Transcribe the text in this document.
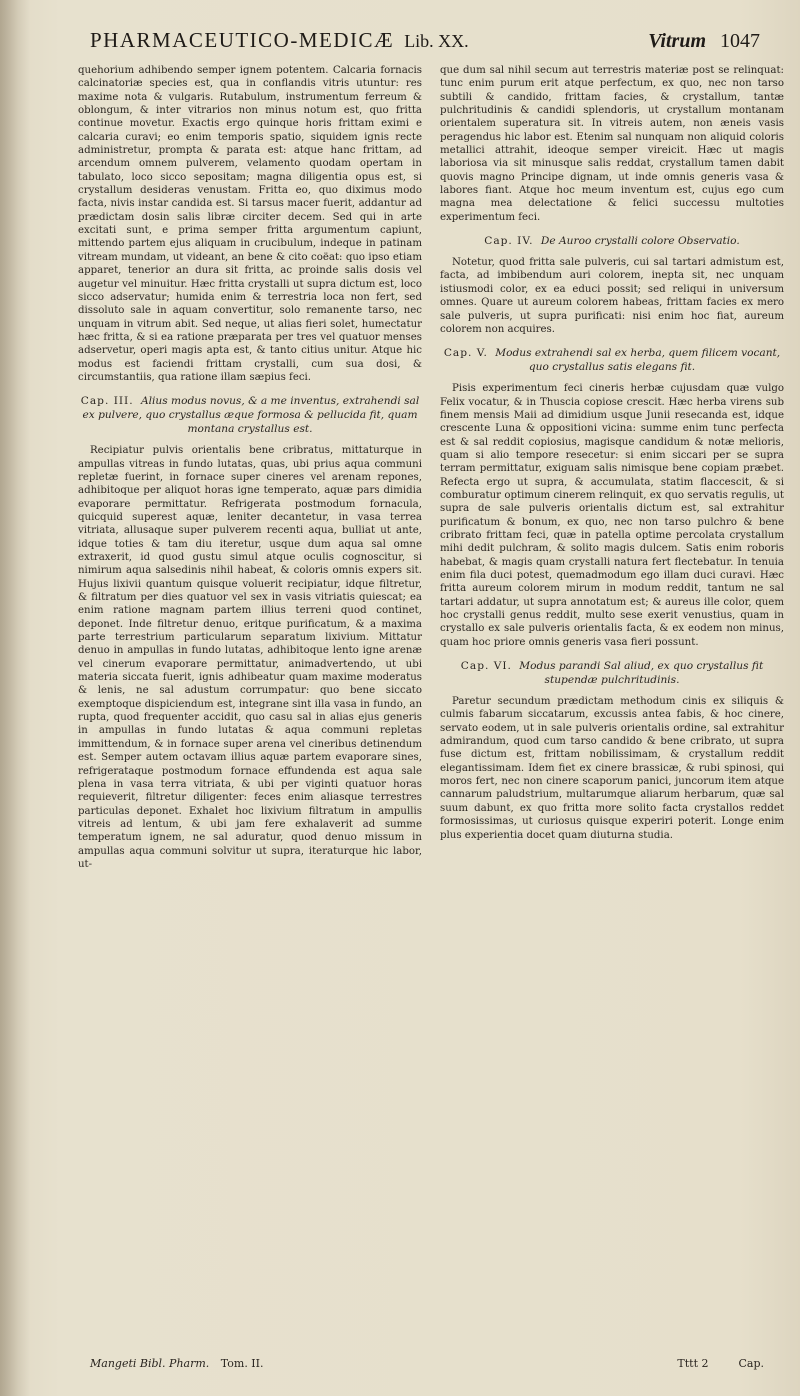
PHARMACEUTICO-MEDICÆ Lib. XX.	Vitrum 1047

quehorium adhibendo semper ignem potentem. Calcaria fornacis calcinatoriæ species est, qua in conflandis vitris utuntur: res maxime nota & vulgaris. Rutabulum, instrumentum ferreum & oblongum, & inter vitrarios non minus notum est, quo fritta continue movetur. Exactis ergo quinque horis frittam eximi e calcaria curavi; eo enim temporis spatio, siquidem ignis recte administretur, prompta & parata est: atque hanc frittam, ad arcendum omnem pulverem, velamento quodam opertam in tabulato, loco sicco sepositam; magna diligentia opus est, si crystallum desideras venustam. Fritta eo, quo diximus modo facta, nivis instar candida est. Si tarsus macer fuerit, addantur ad prædictam dosin salis libræ circiter decem. Sed qui in arte excitati sunt, e prima semper fritta argumentum capiunt, mittendo partem ejus aliquam in crucibulum, indeque in patinam vitream mundam, ut videant, an bene & cito coëat: quo ipso etiam apparet, tenerior an dura sit fritta, ac proinde salis dosis vel augetur vel minuitur. Hæc fritta crystalli ut supra dictum est, loco sicco adservatur; humida enim & terrestria loca non fert, sed dissoluto sale in aquam convertitur, solo remanente tarso, nec unquam in vitrum abit. Sed neque, ut alias fieri solet, humectatur hæc fritta, & si ea ratione præparata per tres vel quatuor menses adservetur, operi magis apta est, & tanto citius unitur. Atque hic modus est faciendi frittam crystalli, cum sua dosi, & circumstantiis, qua ratione illam sæpius feci.

Cap. III. Alius modus novus, & a me inventus, extrahendi sal ex pulvere, quo crystallus æque formosa & pellucida fit, quam montana crystallus est.

Recipiatur pulvis orientalis bene cribratus, mittaturque in ampullas vitreas in fundo lutatas, quas, ubi prius aqua communi repletæ fuerint, in fornace super cineres vel arenam repones, adhibitoque per aliquot horas igne temperato, aquæ pars dimidia evaporare permittatur. Refrigerata postmodum fornacula, quicquid superest aquæ, leniter decantetur, in vasa terrea vitriata, allusaque super pulverem recenti aqua, bulliat ut ante, idque toties & tam diu iteretur, usque dum aqua sal omne extraxerit, id quod gustu simul atque oculis cognoscitur, si nimirum aqua salsedinis nihil habeat, & coloris omnis expers sit. Hujus lixivii quantum quisque voluerit recipiatur, idque filtretur, & filtratum per dies quatuor vel sex in vasis vitriatis quiescat; ea enim ratione magnam partem illius terreni quod continet, deponet. Inde filtretur denuo, eritque purificatum, & a maxima parte terrestrium particularum separatum lixivium. Mittatur denuo in ampullas in fundo lutatas, adhibitoque lento igne arenæ vel cinerum evaporare permittatur, animadvertendo, ut ubi materia siccata fuerit, ignis adhibeatur quam maxime moderatus & lenis, ne sal adustum corrumpatur: quo bene siccato exemptoque dispiciendum est, integrane sint illa vasa in fundo, an rupta, quod frequenter accidit, quo casu sal in alias ejus generis in ampullas in fundo lutatas & aqua communi repletas immittendum, & in fornace super arena vel cineribus detinendum est. Semper autem octavam illius aquæ partem evaporare sines, refrigerataque postmodum fornace effundenda est aqua sale plena in vasa terra vitriata, & ubi per viginti quatuor horas requieverit, filtretur diligenter: feces enim aliasque terrestres particulas deponet. Exhalet hoc lixivium filtratum in ampullis vitreis ad lentum, & ubi jam fere exhalaverit ad summe temperatum ignem, ne sal aduratur, quod denuo missum in ampullas aqua communi solvitur ut supra, iteraturque hic labor, ut-

que dum sal nihil secum aut terrestris materiæ post se relinquat: tunc enim purum erit atque perfectum, ex quo, nec non tarso subtili & candido, frittam facies, & crystallum, tantæ pulchritudinis & candidi splendoris, ut crystallum montanam orientalem superatura sit. In vitreis autem, non æneis vasis peragendus hic labor est. Etenim sal nunquam non aliquid coloris metallici attrahit, ideoque semper vireicit. Hæc ut magis laboriosa via sit minusque salis reddat, crystallum tamen dabit quovis magno Principe dignam, ut inde omnis generis vasa & labores fiant. Atque hoc meum inventum est, cujus ego cum magna mea delectatione & felici successu multoties experimentum feci.

Cap. IV. De Auroo crystalli colore Observatio.

Notetur, quod fritta sale pulveris, cui sal tartari admistum est, facta, ad imbibendum auri colorem, inepta sit, nec unquam istiusmodi color, ex ea educi possit; sed reliqui in universum omnes. Quare ut aureum colorem habeas, frittam facies ex mero sale pulveris, ut supra purificati: nisi enim hoc fiat, aureum colorem non acquires.

Cap. V. Modus extrahendi sal ex herba, quem filicem vocant, quo crystallus satis elegans fit.

Pisis experimentum feci cineris herbæ cujusdam quæ vulgo Felix vocatur, & in Thuscia copiose crescit. Hæc herba virens sub finem mensis Maii ad dimidium usque Junii resecanda est, idque crescente Luna & oppositioni vicina: summe enim tunc perfecta est & sal reddit copiosius, magisque candidum & notæ melioris, quam si alio tempore resecetur: si enim siccari per se supra terram permittatur, exiguam salis nimisque bene copiam præbet. Refecta ergo ut supra, & accumulata, statim flaccescit, & si comburatur optimum cinerem relinquit, ex quo servatis regulis, ut supra de sale pulveris orientalis dictum est, sal extrahitur purificatum & bonum, ex quo, nec non tarso pulchro & bene cribrato frittam feci, quæ in patella optime percolata crystallum mihi dedit pulchram, & solito magis dulcem. Satis enim roboris habebat, & magis quam crystalli natura fert flectebatur. In tenuia enim fila duci potest, quemadmodum ego illam duci curavi. Hæc fritta aureum colorem mirum in modum reddit, tantum ne sal tartari addatur, ut supra annotatum est; & aureus ille color, quem hoc crystalli genus reddit, multo sese exerit venustius, quam in crystallo ex sale pulveris orientalis facta, & ex eodem non minus, quam hoc priore omnis generis vasa fieri possunt.

Cap. VI. Modus parandi Sal aliud, ex quo crystallus fit stupendæ pulchritudinis.

Paretur secundum prædictam methodum cinis ex siliquis & culmis fabarum siccatarum, excussis antea fabis, & hoc cinere, servato eodem, ut in sale pulveris orientalis ordine, sal extrahitur admirandum, quod cum tarso candido & bene cribrato, ut supra fuse dictum est, frittam nobilissimam, & crystallum reddit elegantissimam. Idem fiet ex cinere brassicæ, & rubi spinosi, qui moros fert, nec non cinere scaporum panici, juncorum item atque cannarum paludstrium, multarumque aliarum herbarum, quæ sal suum dabunt, ex quo fritta more solito facta crystallos reddet formosissimas, ut curiosus quisque experiri poterit. Longe enim plus experientia docet quam diuturna studia.

Mangeti Bibl. Pharm. Tom. II.	Tttt 2	Cap.
